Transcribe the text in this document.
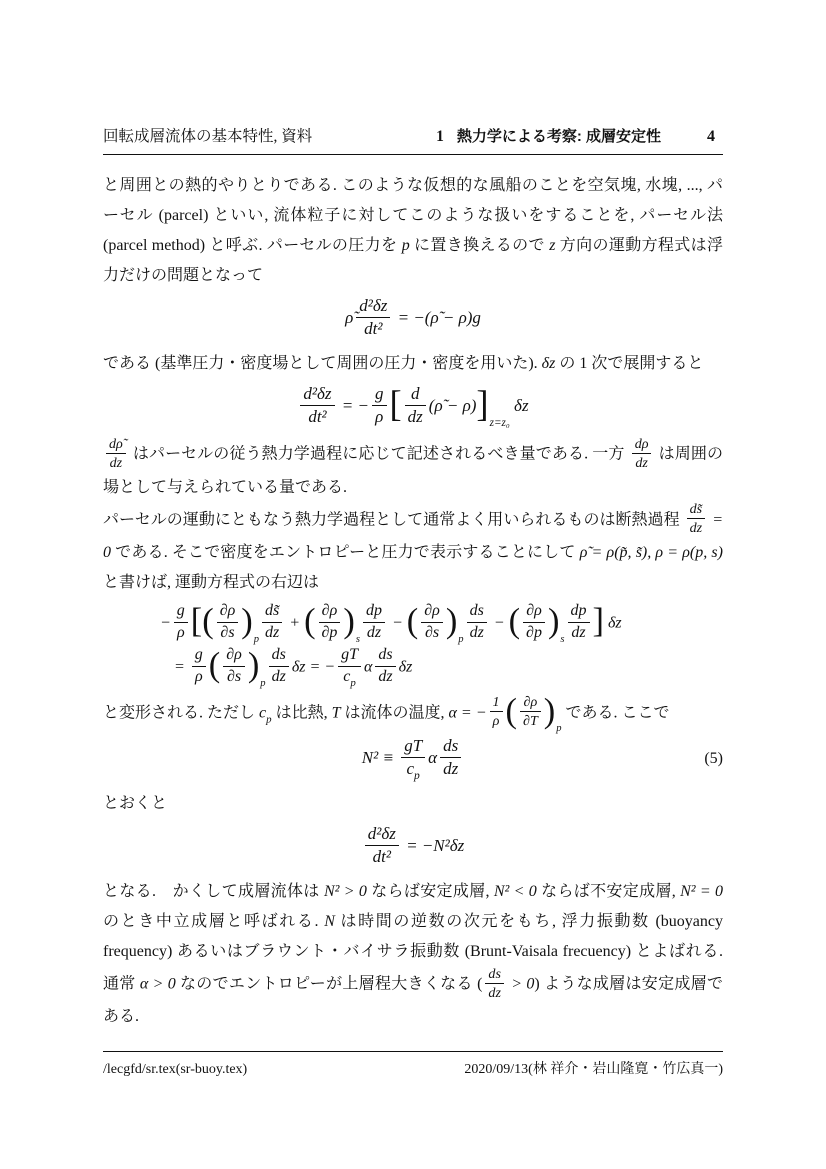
回転成層流体の基本特性, 資料	1 熱力学による考察: 成層安定性	4

と周囲との熱的やりとりである. このような仮想的な風船のことを空気塊, 水塊, ..., パーセル (parcel) といい, 流体粒子に対してこのような扱いをすることを, パーセル法 (parcel method) と呼ぶ. パーセルの圧力を p に置き換えるので z 方向の運動方程式は浮力だけの問題となって

ρ̃ $\frac{\text{d²δz}}{\text{dt²}}$ = −(ρ̃ − ρ)g

である (基準圧力・密度場として周囲の圧力・密度を用いた). δz の 1 次で展開すると

$\frac{\text{d²δz}}{\text{dt²}}$ = − $\frac{g}{\rho}$ [ $\frac{d}{dz}$ (ρ̃ − $\rho)]_{z=z_0}$ δz

$\frac{d\rhõ}{dz}$ はパーセルの従う熱力学過程に応じて記述されるべき量である. 一方 $\frac{d\rho}{dz}$ は周囲の場として与えられている量である.

パーセルの運動にともなう熱力学過程として通常よく用いられるものは断熱過程 $\frac{ds̃}{dz} = 0$ である. そこで密度をエントロピーと圧力で表示することにして ρ̃ = ρ(p̃, s̃), ρ = ρ(p, s) と書けば, 運動方程式の右辺は

− $\frac{g}{\rho}$ [( $\frac{\partial\rho}{\partial s} )_p \frac{ds̃}{dz}$ + ( $\frac{\partial\rho}{\partial p} )_s \frac{dp}{dz}$ − ( $\frac{\partial\rho}{\partial s} )_p \frac{ds}{dz}$ − ( $\frac{\partial\rho}{\partial p} )_s \frac{dp}{dz}$ ] δz
= $\frac{g}{\rho}$ ( $\frac{\partial\rho}{\partial s} )_p \frac{ds}{dz}$ δz = − $\frac{gT}{c_p}$ α $\frac{ds}{dz}$ δz

と変形される. ただし $c_p$ は比熱, T は流体の温度, α = − $\frac{1}{\rho}$ ( $\frac{\partial\rho}{\partial T} )_p$ である. ここで

$N^2 \equiv \frac{gT}{c_p}$ α $\frac{ds}{dz}$	(5)

とおくと

$\frac{\text{d²δz}}{\text{dt²}} = -N^2\delta z$

となる.　かくして成層流体は N² > 0 ならば安定成層, N² < 0 ならば不安定成層, N² = 0 のとき中立成層と呼ばれる. N は時間の逆数の次元をもち, 浮力振動数 (buoyancy frequency) あるいはブラウント・バイサラ振動数 (Brunt-Vaisala frecuency) とよばれる. 通常 α > 0 なのでエントロピーが上層程大きくなる ( $\frac{ds}{dz} > 0$) ような成層は安定成層である.

/lecgfd/sr.tex(sr-buoy.tex)	2020/09/13(林 祥介・岩山隆寛・竹広真一)
